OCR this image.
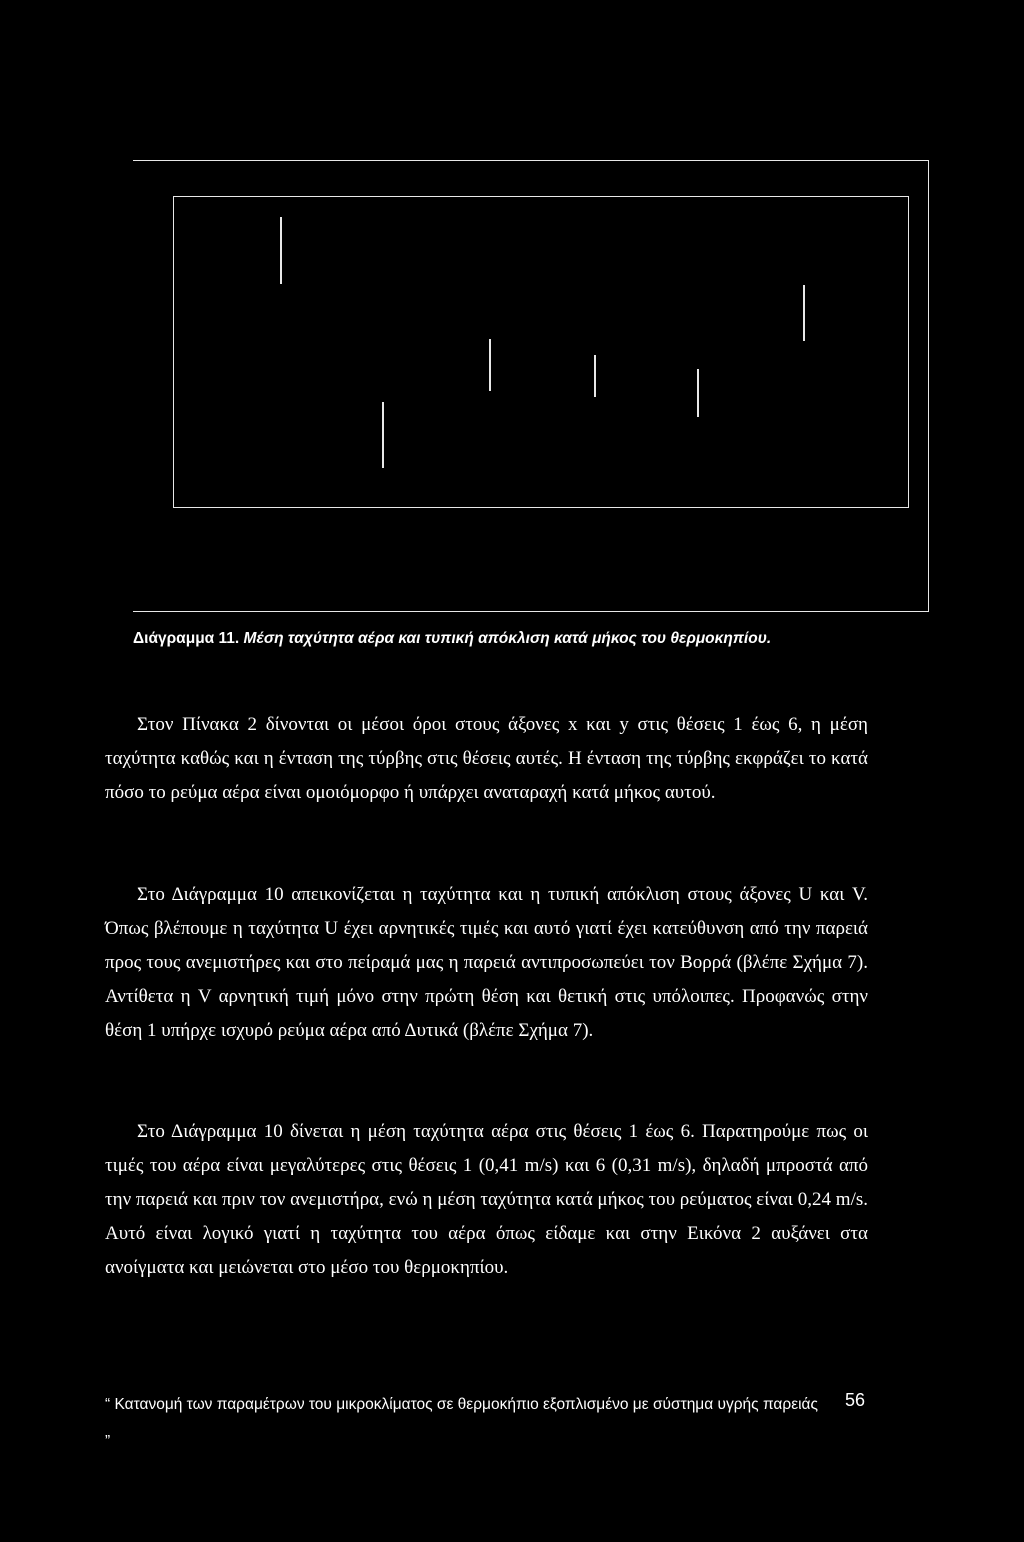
Διάγραμμα 11. Μέση ταχύτητα αέρα και τυπική απόκλιση κατά μήκος του θερμοκηπίου.

Στον Πίνακα 2 δίνονται οι μέσοι όροι στους άξονες x και y στις θέσεις 1 έως 6, η μέση ταχύτητα καθώς και η ένταση της τύρβης στις θέσεις αυτές. Η ένταση της τύρβης εκφράζει το κατά πόσο το ρεύμα αέρα είναι ομοιόμορφο ή υπάρχει αναταραχή κατά μήκος αυτού.

Στο Διάγραμμα 10 απεικονίζεται η ταχύτητα και η τυπική απόκλιση στους άξονες U και V. Όπως βλέπουμε η ταχύτητα U έχει αρνητικές τιμές και αυτό γιατί έχει κατεύθυνση από την παρειά προς τους ανεμιστήρες και στο πείραμά μας η παρειά αντιπροσωπεύει τον Βορρά (βλέπε Σχήμα 7). Αντίθετα η V αρνητική τιμή μόνο στην πρώτη θέση και θετική στις υπόλοιπες. Προφανώς στην θέση 1 υπήρχε ισχυρό ρεύμα αέρα από Δυτικά (βλέπε Σχήμα 7).

Στο Διάγραμμα 10 δίνεται η μέση ταχύτητα αέρα στις θέσεις 1 έως 6. Παρατηρούμε πως οι τιμές του αέρα είναι μεγαλύτερες στις θέσεις 1 (0,41 m/s) και 6 (0,31 m/s), δηλαδή μπροστά από την παρειά και πριν τον ανεμιστήρα, ενώ η μέση ταχύτητα κατά μήκος του ρεύματος είναι 0,24 m/s. Αυτό είναι λογικό γιατί η ταχύτητα του αέρα όπως είδαμε και στην Εικόνα 2 αυξάνει στα ανοίγματα και μειώνεται στο μέσο του θερμοκηπίου.

“ Κατανομή των παραμέτρων του μικροκλίματος σε θερμοκήπιο εξοπλισμένο με σύστημα υγρής παρειάς ”
56
